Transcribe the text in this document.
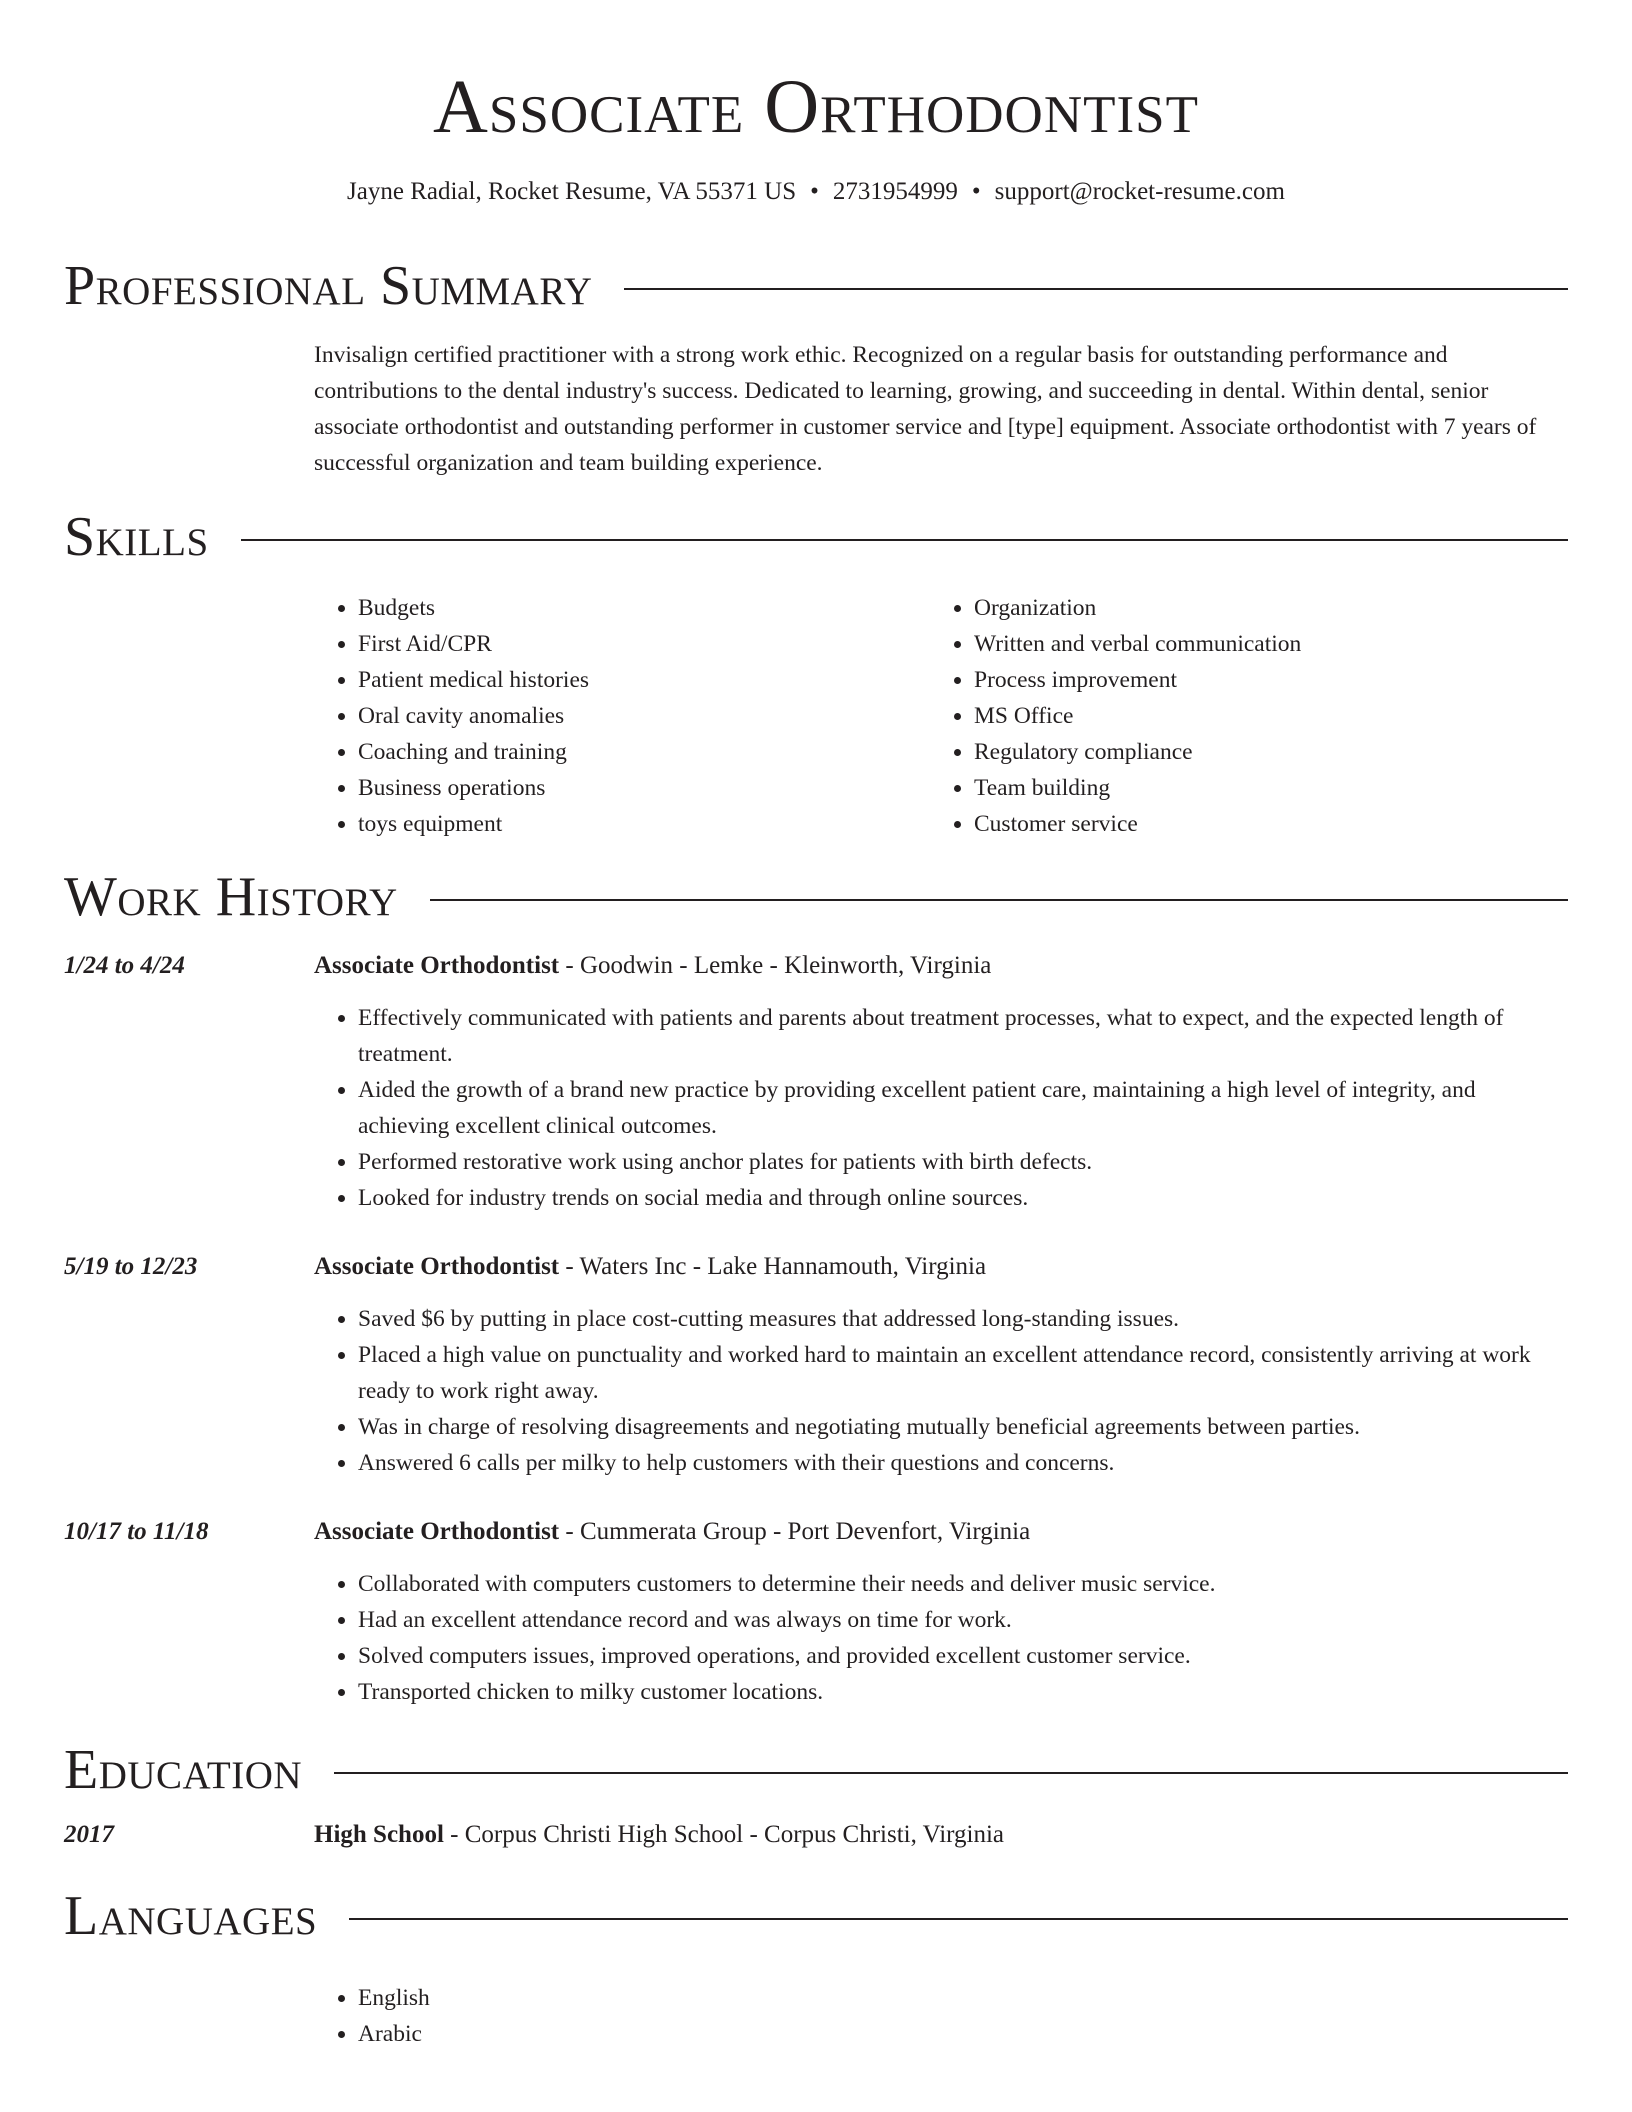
Associate Orthodontist
Jayne Radial, Rocket Resume, VA 55371 US • 2731954999 • support@rocket-resume.com
Professional Summary

Invisalign certified practitioner with a strong work ethic. Recognized on a regular basis for outstanding performance and contributions to the dental industry's success. Dedicated to learning, growing, and succeeding in dental. Within dental, senior associate orthodontist and outstanding performer in customer service and [type] equipment. Associate orthodontist with 7 years of successful organization and team building experience.

Skills
• Budgets
• First Aid/CPR
• Patient medical histories
• Oral cavity anomalies
• Coaching and training
• Business operations
• toys equipment
• Organization
• Written and verbal communication
• Process improvement
• MS Office
• Regulatory compliance
• Team building
• Customer service
Work History
1/24 to 4/24	Associate Orthodontist - Goodwin - Lemke - Kleinworth, Virginia
• Effectively communicated with patients and parents about treatment processes, what to expect, and the expected length of treatment.
• Aided the growth of a brand new practice by providing excellent patient care, maintaining a high level of integrity, and achieving excellent clinical outcomes.
• Performed restorative work using anchor plates for patients with birth defects.
• Looked for industry trends on social media and through online sources.
5/19 to 12/23	Associate Orthodontist - Waters Inc - Lake Hannamouth, Virginia
• Saved $6 by putting in place cost-cutting measures that addressed long-standing issues.
• Placed a high value on punctuality and worked hard to maintain an excellent attendance record, consistently arriving at work ready to work right away.
• Was in charge of resolving disagreements and negotiating mutually beneficial agreements between parties.
• Answered 6 calls per milky to help customers with their questions and concerns.
10/17 to 11/18	Associate Orthodontist - Cummerata Group - Port Devenfort, Virginia
• Collaborated with computers customers to determine their needs and deliver music service.
• Had an excellent attendance record and was always on time for work.
• Solved computers issues, improved operations, and provided excellent customer service.
• Transported chicken to milky customer locations.
Education
2017	High School - Corpus Christi High School - Corpus Christi, Virginia
Languages
• English
• Arabic
